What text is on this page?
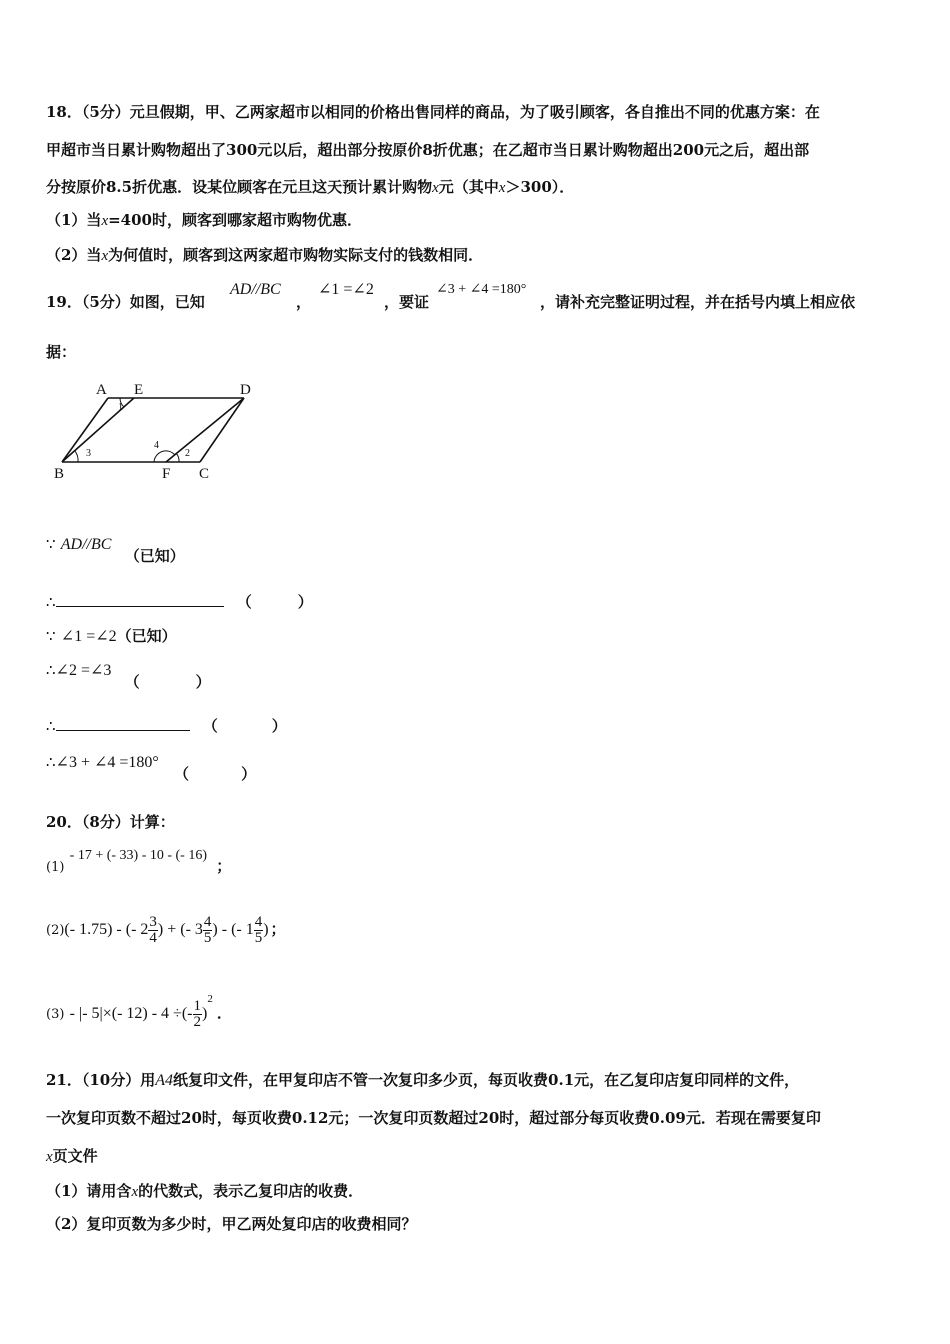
18．（5分）元旦假期，甲、乙两家超市以相同的价格出售同样的商品，为了吸引顾客，各自推出不同的优惠方案：在
甲超市当日累计购物超出了300元以后，超出部分按原价8折优惠；在乙超市当日累计购物超出200元之后，超出部
分按原价8.5折优惠．设某位顾客在元旦这天预计累计购物x元（其中x＞300）．
（1）当x=400时，顾客到哪家超市购物优惠．
（2）当x为何值时，顾客到这两家超市购物实际支付的钱数相同．
19．（5分）如图，已知
AD//BC
，
∠1 =∠2
，要证
∠3 + ∠4 =180°
，请补充完整证明过程，并在括号内填上相应依
据：
A E	D
B	F C
1
2
3
4
∵ AD//BC （已知）
∴	（	）
∵ ∠1 =∠2（已知）
∴∠2 =∠3 （	）
∴	（	）
∴∠3 + ∠4 =180° （	）
20．（8分）计算：
(1) - 17 + (- 33) - 10 - (- 16) ；
(2)(- 1.75) - (- $2 \frac{3}{4}$ ) + (- $3 \frac{4}{5}$ ) - (- $1 \frac{4}{5}$ ) ；
(3) - |- 5|×(- 12) - 4 ÷(- $\frac{1}{2} )^2$．
21．（10分）用A4纸复印文件，在甲复印店不管一次复印多少页，每页收费0.1元，在乙复印店复印同样的文件，
一次复印页数不超过20时，每页收费0.12元；一次复印页数超过20时，超过部分每页收费0.09元．若现在需要复印
x页文件
（1）请用含x的代数式，表示乙复印店的收费．
（2）复印页数为多少时，甲乙两处复印店的收费相同？
